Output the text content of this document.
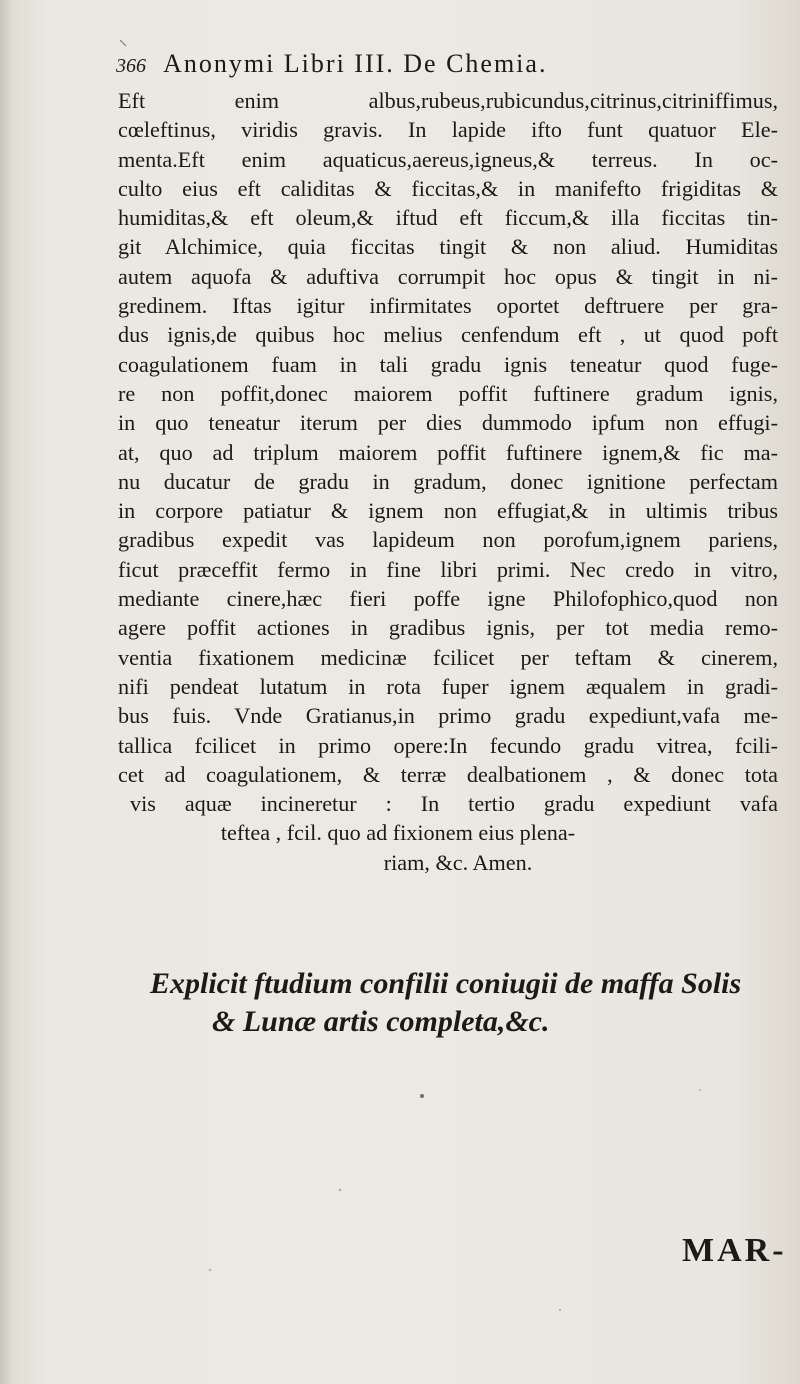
366 Anonymi Libri III. De Chemia.
Eft enim albus,rubeus,rubicundus,citrinus,citriniffimus,
cœleftinus, viridis gravis. In lapide ifto funt quatuor Ele-
menta.Eft enim aquaticus,aereus,igneus,& terreus. In oc-
culto eius eft caliditas & ficcitas,& in manifefto frigiditas &
humiditas,& eft oleum,& iftud eft ficcum,& illa ficcitas tin-
git Alchimice, quia ficcitas tingit & non aliud. Humiditas
autem aquofa & aduftiva corrumpit hoc opus & tingit in ni-
gredinem. Iftas igitur infirmitates oportet deftruere per gra-
dus ignis,de quibus hoc melius cenfendum eft , ut quod poft
coagulationem fuam in tali gradu ignis teneatur quod fuge-
re non poffit,donec maiorem poffit fuftinere gradum ignis,
in quo teneatur iterum per dies dummodo ipfum non effugi-
at, quo ad triplum maiorem poffit fuftinere ignem,& fic ma-
nu ducatur de gradu in gradum, donec ignitione perfectam
in corpore patiatur & ignem non effugiat,& in ultimis tribus
gradibus expedit vas lapideum non porofum,ignem pariens,
ficut præceffit fermo in fine libri primi. Nec credo in vitro,
mediante cinere,hæc fieri poffe igne Philofophico,quod non
agere poffit actiones in gradibus ignis, per tot media remo-
ventia fixationem medicinæ fcilicet per teftam & cinerem,
nifi pendeat lutatum in rota fuper ignem æqualem in gradi-
bus fuis. Vnde Gratianus,in primo gradu expediunt,vafa me-
tallica fcilicet in primo opere:In fecundo gradu vitrea, fcili-
cet ad coagulationem, & terræ dealbationem , & donec tota
vis aquæ incineretur : In tertio gradu expediunt vafa
teftea , fcil. quo ad fixionem eius plena-
riam, &c. Amen.
Explicit ftudium confilii coniugii de maffa Solis
& Lunæ artis completa,&c.
MAR-
